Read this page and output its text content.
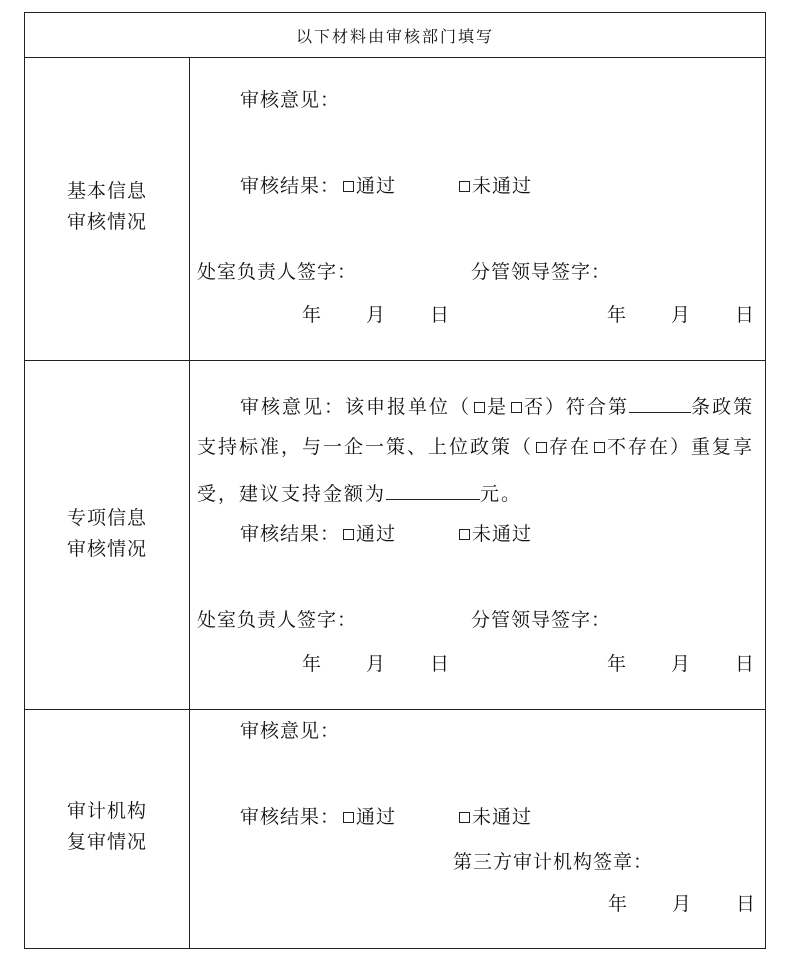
以下材料由审核部门填写
基本信息
审核情况
审核意见：
审核结果： 通过	未通过
处室负责人签字：	分管领导签字：
年 月 日	年 月 日
专项信息
审核情况
审核意见：该申报单位（ 是 否）符合第	条政策
支持标准，与一企一策、上位政策（ 存在 不存在）重复享
受，建议支持金额为	元。
审核结果： 通过	未通过
处室负责人签字：	分管领导签字：
年 月 日	年 月 日
审计机构
复审情况
审核意见：
审核结果： 通过	未通过
第三方审计机构签章：
年 月 日
